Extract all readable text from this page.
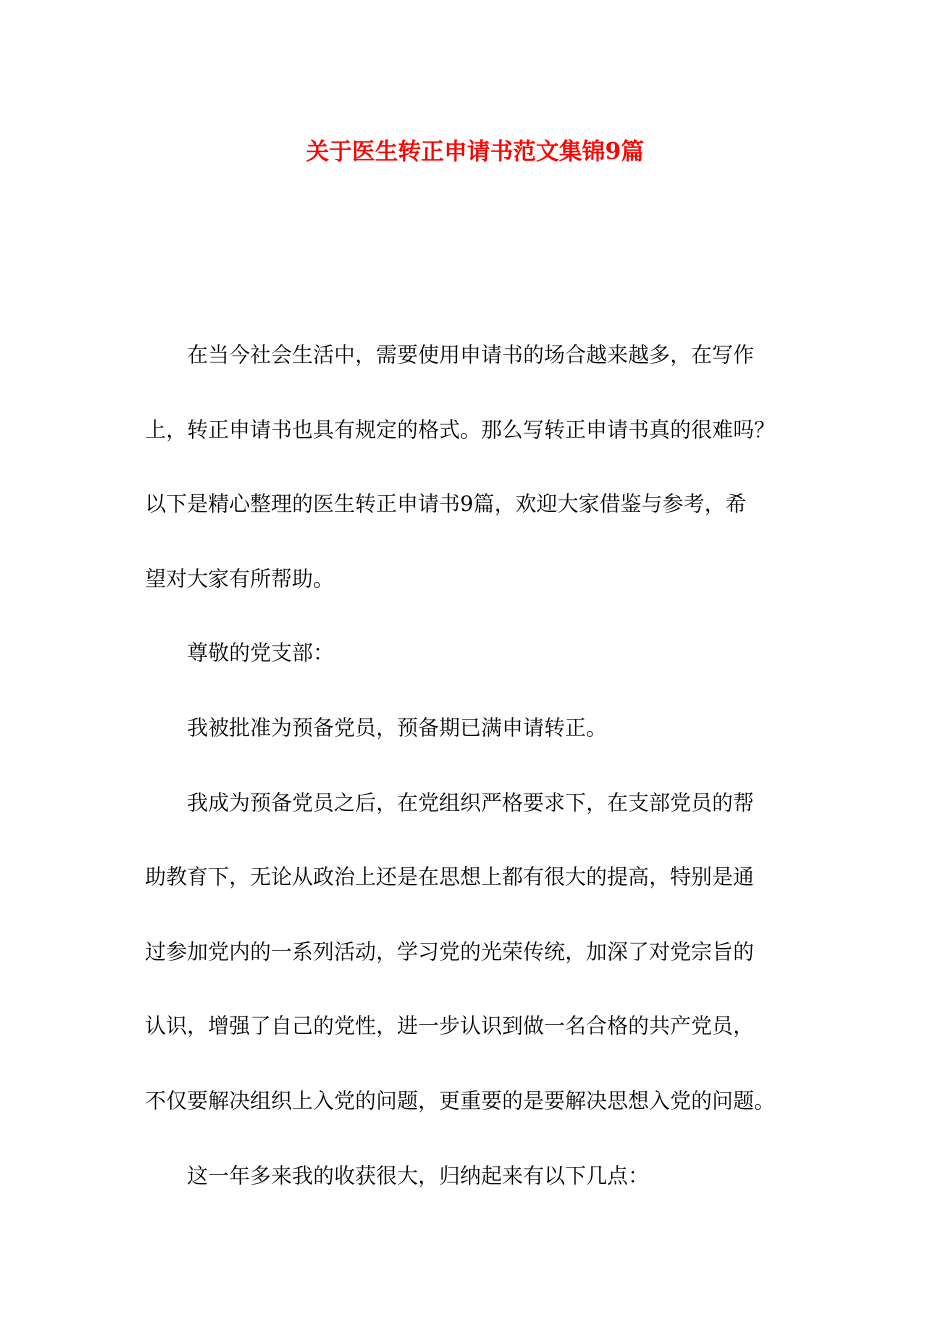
关于医生转正申请书范文集锦9篇

在当今社会生活中，需要使用申请书的场合越来越多，在写作
上，转正申请书也具有规定的格式。那么写转正申请书真的很难吗？
以下是精心整理的医生转正申请书9篇，欢迎大家借鉴与参考，希
望对大家有所帮助。

尊敬的党支部：

我被批准为预备党员，预备期已满申请转正。

我成为预备党员之后，在党组织严格要求下，在支部党员的帮
助教育下，无论从政治上还是在思想上都有很大的提高，特别是通
过参加党内的一系列活动，学习党的光荣传统，加深了对党宗旨的
认识，增强了自己的党性，进一步认识到做一名合格的共产党员，
不仅要解决组织上入党的问题，更重要的是要解决思想入党的问题。

这一年多来我的收获很大，归纳起来有以下几点：
